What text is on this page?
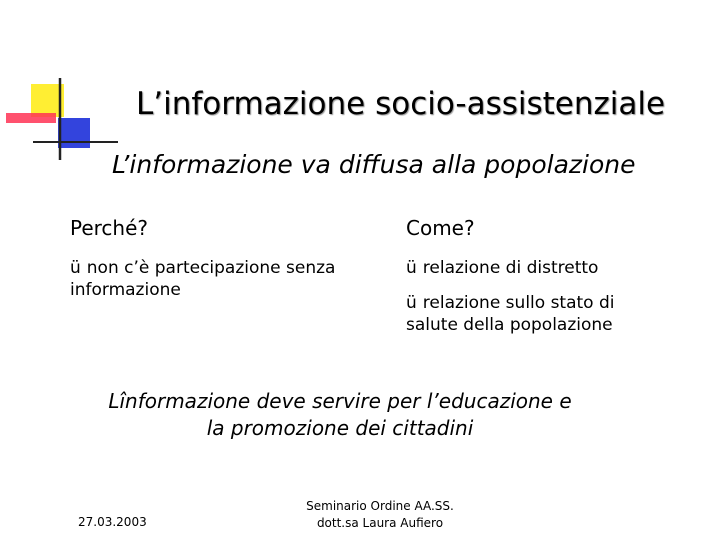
L’informazione socio-assistenziale
L’informazione va diffusa alla popolazione
Perché?
ü non c’è partecipazione senza informazione
Come?
ü relazione di distretto
ü relazione sullo stato di salute della popolazione
Lînformazione deve servire per l’educazione e
la promozione dei cittadini
27.03.2003
Seminario Ordine AA.SS.
dott.sa Laura Aufiero
